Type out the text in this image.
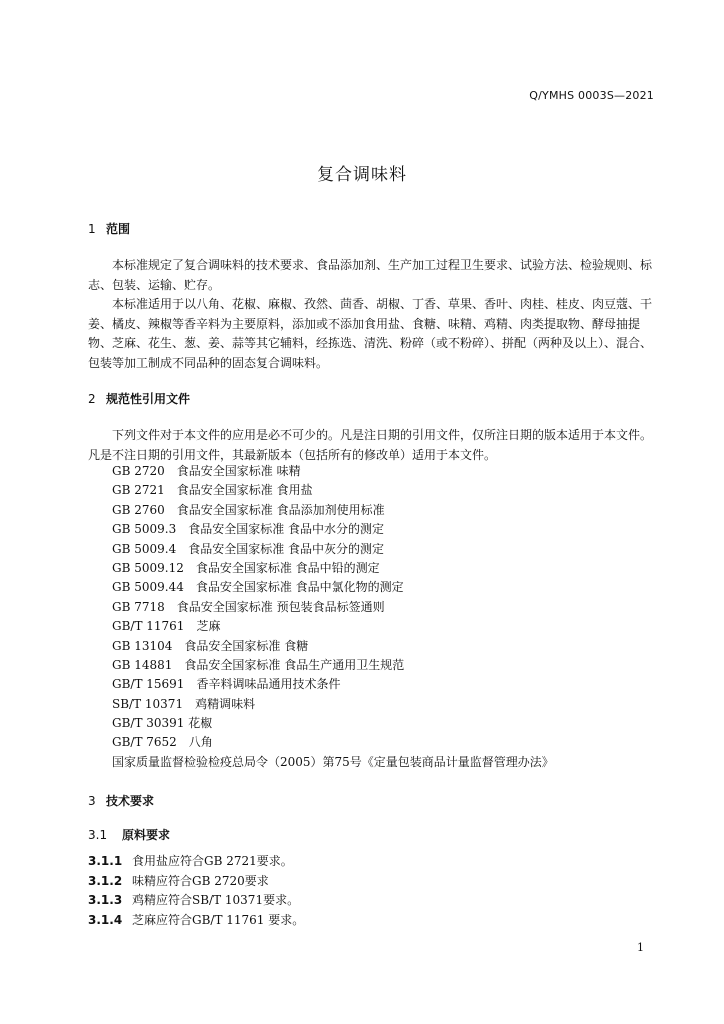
Q/YMHS 0003S—2021
复合调味料
1 范围
本标准规定了复合调味料的技术要求、食品添加剂、生产加工过程卫生要求、试验方法、检验规则、标志、包装、运输、贮存。
本标准适用于以八角、花椒、麻椒、孜然、茴香、胡椒、丁香、草果、香叶、肉桂、桂皮、肉豆蔻、干姜、橘皮、辣椒等香辛料为主要原料，添加或不添加食用盐、食糖、味精、鸡精、肉类提取物、酵母抽提物、芝麻、花生、葱、姜、蒜等其它辅料，经拣选、清洗、粉碎（或不粉碎）、拼配（两种及以上）、混合、包装等加工制成不同品种的固态复合调味料。
2 规范性引用文件
下列文件对于本文件的应用是必不可少的。凡是注日期的引用文件，仅所注日期的版本适用于本文件。凡是不注日期的引用文件，其最新版本（包括所有的修改单）适用于本文件。
GB 2720　食品安全国家标准 味精
GB 2721　食品安全国家标准 食用盐
GB 2760　食品安全国家标准 食品添加剂使用标准
GB 5009.3　食品安全国家标准 食品中水分的测定
GB 5009.4　食品安全国家标准 食品中灰分的测定
GB 5009.12　食品安全国家标准 食品中铅的测定
GB 5009.44　食品安全国家标准 食品中氯化物的测定
GB 7718　食品安全国家标准 预包装食品标签通则
GB/T 11761　芝麻
GB 13104　食品安全国家标准 食糖
GB 14881　食品安全国家标准 食品生产通用卫生规范
GB/T 15691　香辛料调味品通用技术条件
SB/T 10371　鸡精调味料
GB/T 30391 花椒
GB/T 7652　八角
国家质量监督检验检疫总局令（2005）第75号《定量包装商品计量监督管理办法》
3 技术要求
3.1 原料要求
3.1.1 食用盐应符合GB 2721要求。
3.1.2 味精应符合GB 2720要求
3.1.3 鸡精应符合SB/T 10371要求。
3.1.4 芝麻应符合GB/T 11761 要求。
1
